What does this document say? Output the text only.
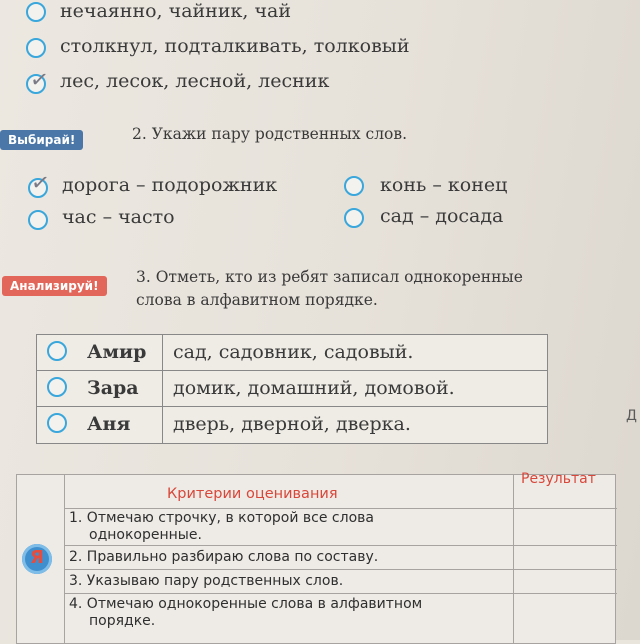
нечаянно, чайник, чай
столкнул, подталкивать, толковый
✓ лес, лесок, лесной, лесник
Выбирай!	2. Укажи пару родственных слов.
✓ дорога – подорожник	конь – конец
час – часто	сад – досада
Анализируй!	3. Отметь, кто из ребят записал однокоренные
слова в алфавитном порядке.
Амир сад, садовник, садовый.
Зара домик, домашний, домовой.
Аня дверь, дверной, дверка.	Д
Результат
Критерии оценивания
1. Отмечаю строчку, в которой все слова
однокоренные.
2. Правильно разбираю слова по составу.
3. Указываю пару родственных слов.
4. Отмечаю однокоренные слова в алфавитном
порядке.
Я
